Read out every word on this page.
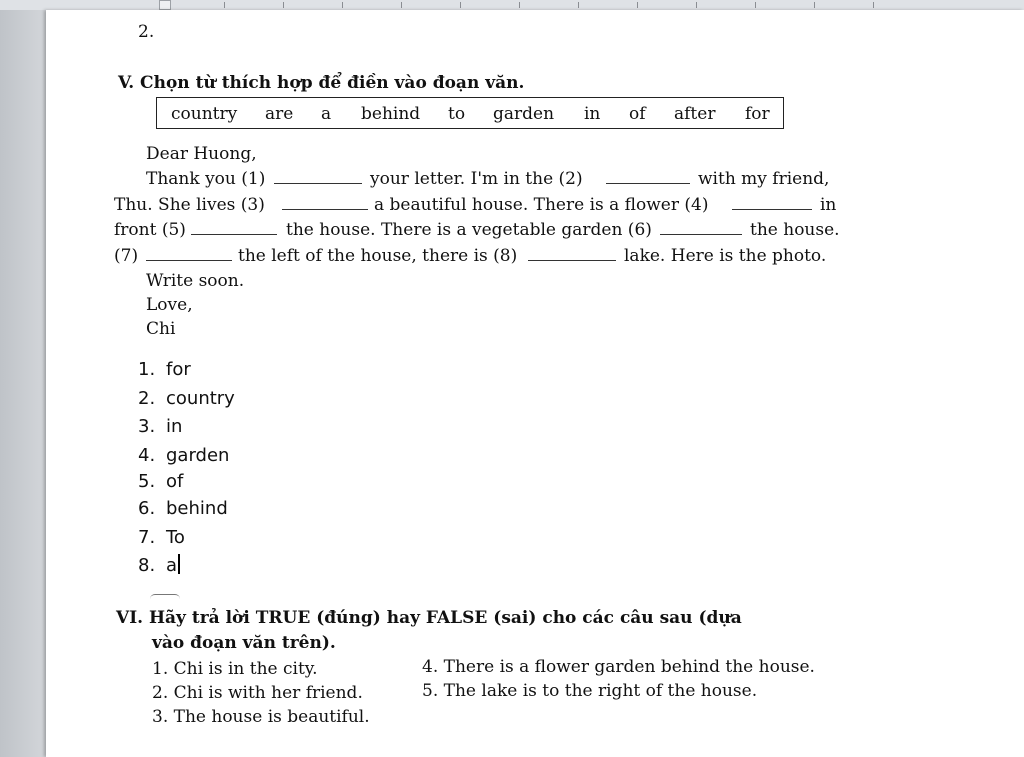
2.
V. Chọn từ thích hợp để điền vào đoạn văn.
country are a behind to garden in of after for
Dear Huong,
Thank you (1)	your letter. I'm in the (2)	with my friend,
Thu. She lives (3)	a beautiful house. There is a flower (4)	in
front (5)	the house. There is a vegetable garden (6)	the house.
(7)	the left of the house, there is (8)	lake. Here is the photo.
Write soon.
Love,
Chi
1. for
2. country
3. in
4. garden
5. of
6. behind
7. To
8. a
VI. Hãy trả lời TRUE (đúng) hay FALSE (sai) cho các câu sau (dựa
vào đoạn văn trên).
1. Chi is in the city.
2. Chi is with her friend.
3. The house is beautiful.
4. There is a flower garden behind the house.
5. The lake is to the right of the house.
